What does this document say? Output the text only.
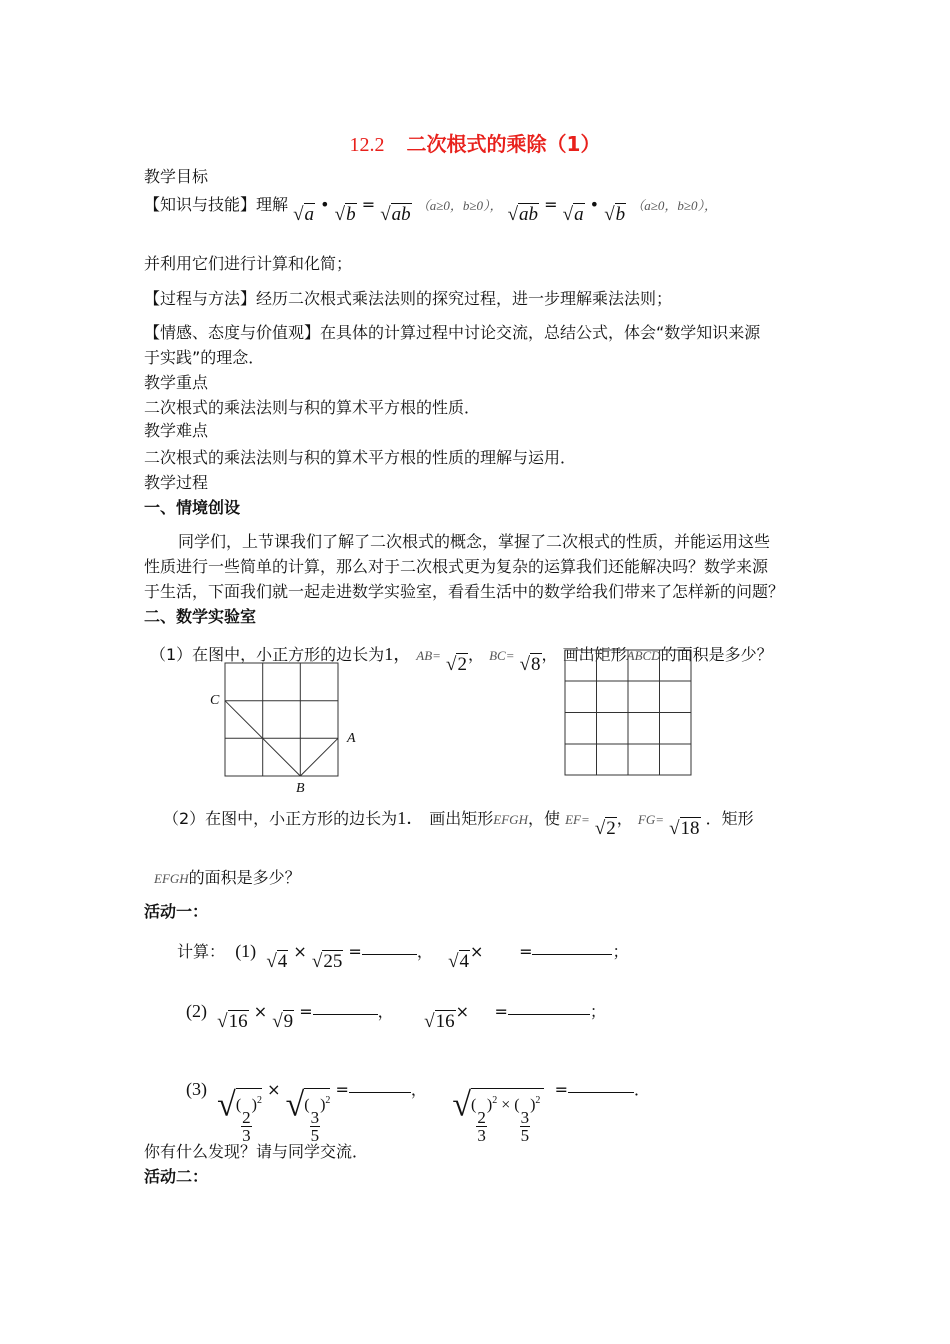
12.2 二次根式的乘除（1）
教学目标
【知识与技能】理解 √a • √b = √ab （a≥0，b≥0）， √ab = √a • √b （a≥0，b≥0），
并利用它们进行计算和化简；
【过程与方法】经历二次根式乘法法则的探究过程，进一步理解乘法法则；
【情感、态度与价值观】在具体的计算过程中讨论交流，总结公式，体会“数学知识来源
于实践”的理念．
教学重点
二次根式的乘法法则与积的算术平方根的性质．
教学难点
二次根式的乘法法则与积的算术平方根的性质的理解与运用．
教学过程
一、情境创设
同学们，上节课我们了解了二次根式的概念，掌握了二次根式的性质，并能运用这些
性质进行一些简单的计算，那么对于二次根式更为复杂的运算我们还能解决吗？数学来源
于生活，下面我们就一起走进数学实验室，看看生活中的数学给我们带来了怎样新的问题？
二、数学实验室
（1）在图中，小正方形的边长为1， AB= √2， BC= √8， 画出矩形ABCD的面积是多少？
C
A
B
（2）在图中，小正方形的边长为1． 画出矩形EFGH，使 EF= √2， FG= √18 ．矩形
EFGH的面积是多少？
活动一：
计算： (1) √4 × √25 =	， √4× =	；
(2) √16 × √9 =	， √16× =	；
(3) √(
$\frac{2}{3}$
)$^2$ × √(
$\frac{3}{5}$
)$^2$ =	， √(
$\frac{2}{3}$
)$^2$ × (
$\frac{3}{5}$
)$^2$   =	．
你有什么发现？请与同学交流．
活动二：
